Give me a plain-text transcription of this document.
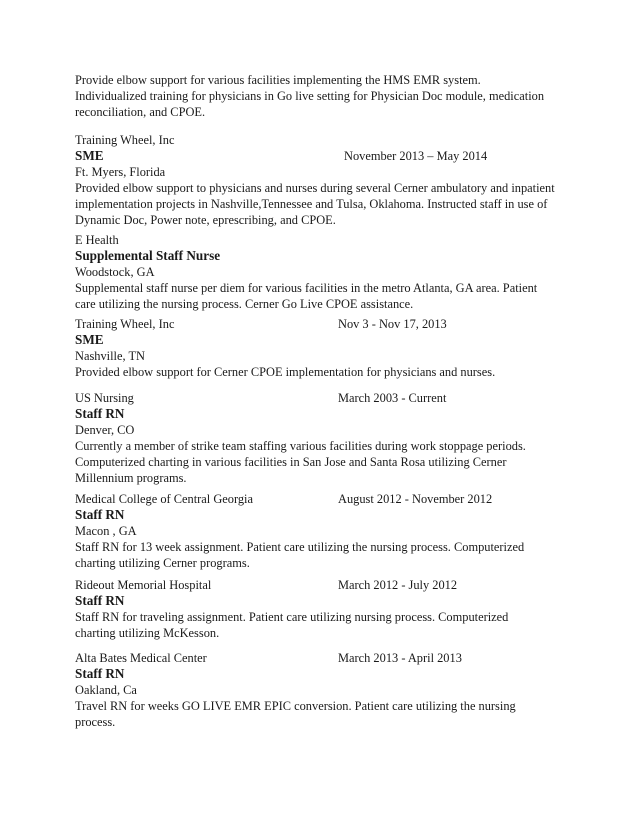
Provide elbow support for various facilities implementing the HMS EMR system.
Individualized training for physicians in Go live setting for Physician Doc module, medication
reconciliation, and CPOE.
Training Wheel, Inc
SME	November 2013 – May 2014
Ft. Myers, Florida
Provided elbow support to physicians and nurses during several Cerner ambulatory and inpatient
implementation projects in Nashville,Tennessee and Tulsa, Oklahoma. Instructed staff in use of
Dynamic Doc, Power note, eprescribing, and CPOE.
E Health
Supplemental Staff Nurse
Woodstock, GA
Supplemental staff nurse per diem for various facilities in the metro Atlanta, GA area. Patient
care utilizing the nursing process. Cerner Go Live CPOE assistance.
Training Wheel, Inc	Nov 3 - Nov 17, 2013
SME
Nashville, TN
Provided elbow support for Cerner CPOE implementation for physicians and nurses.
US Nursing	March 2003 - Current
Staff RN
Denver, CO
Currently a member of strike team staffing various facilities during work stoppage periods.
Computerized charting in various facilities in San Jose and Santa Rosa utilizing Cerner
Millennium programs.
Medical College of Central Georgia	August 2012 - November 2012
Staff RN
Macon , GA
Staff RN for 13 week assignment. Patient care utilizing the nursing process. Computerized
charting utilizing Cerner programs.
Rideout Memorial Hospital	March 2012 - July 2012
Staff RN
Staff RN for traveling assignment. Patient care utilizing nursing process. Computerized
charting utilizing McKesson.
Alta Bates Medical Center	March 2013 - April 2013
Staff RN
Oakland, Ca
Travel RN for weeks GO LIVE EMR EPIC conversion. Patient care utilizing the nursing
process.
